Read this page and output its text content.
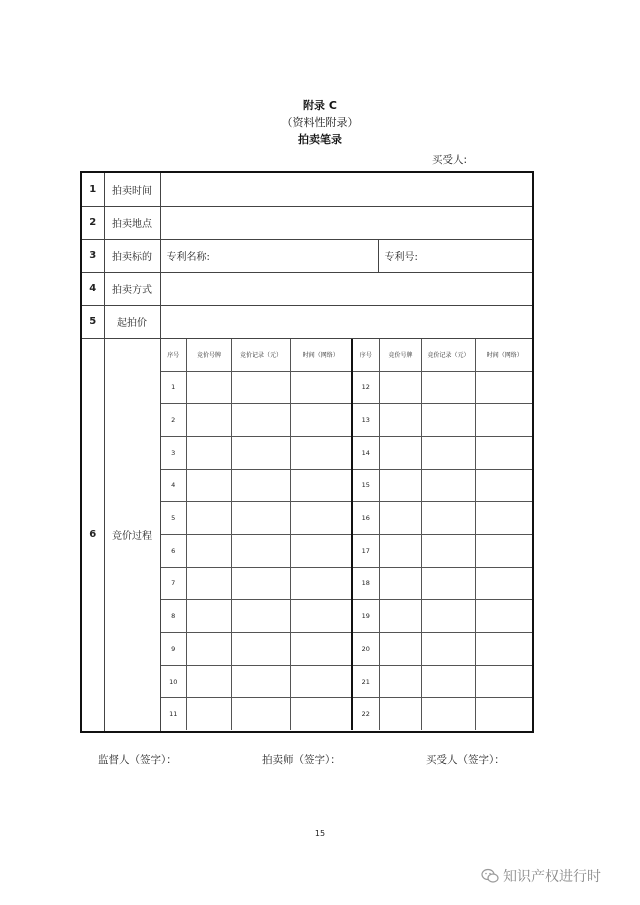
附录 C
（资料性附录）
拍卖笔录
买受人:
1	拍卖时间	
2	拍卖地点	
3	拍卖标的	专利名称:	专利号:
4	拍卖方式	
5	起拍价	
6	竞价过程	
序号	竞价号牌	竞价记录（元）	时间（网络）	序号	竞价号牌	竞价记录（元）	时间（网络）
1				12			
2				13			
3				14			
4				15			
5				16			
6				17			
7				18			
8				19			
9				20			
10				21			
11				22			
监督人（签字）：	拍卖师（签字）：	买受人（签字）：
15
知识产权进行时
